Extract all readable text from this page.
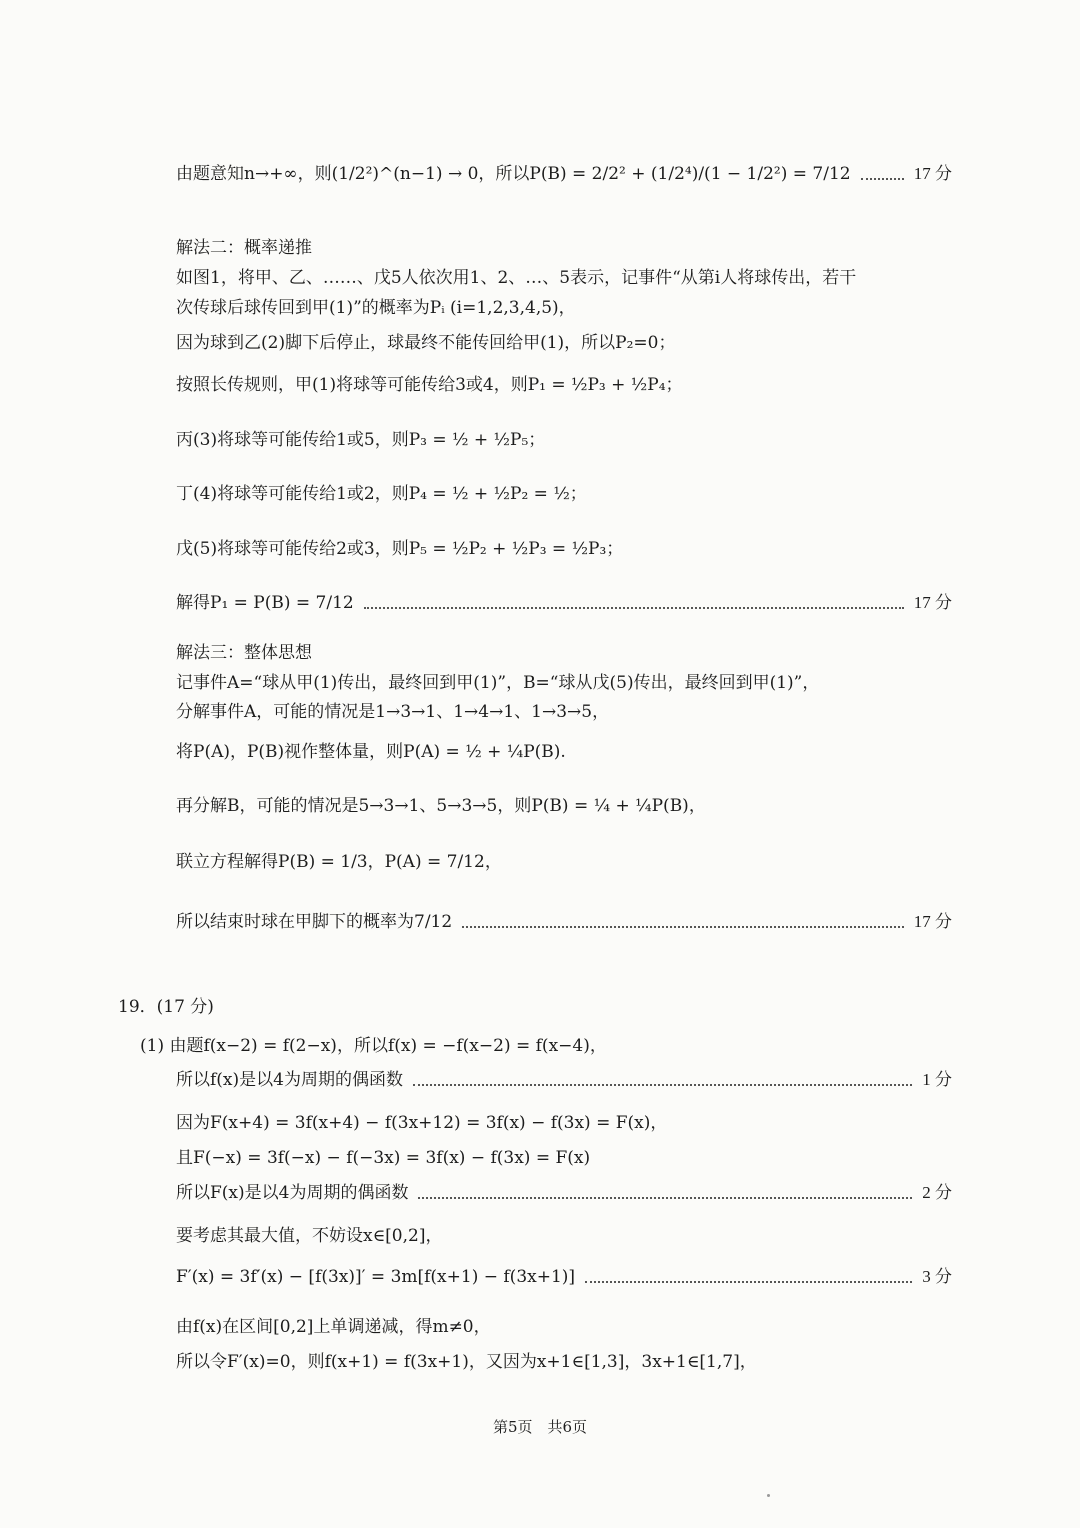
由题意知n→+∞，则(1/2²)^(n−1) → 0，所以P(B) = 2/2² + (1/2⁴)/(1 − 1/2²) = 7/12	17 分
解法二：概率递推
如图1，将甲、乙、……、戊5人依次用1、2、…、5表示，记事件“从第i人将球传出，若干
次传球后球传回到甲(1)”的概率为Pᵢ (i=1,2,3,4,5)，
因为球到乙(2)脚下后停止，球最终不能传回给甲(1)，所以P₂=0；
按照长传规则，甲(1)将球等可能传给3或4，则P₁ = ½P₃ + ½P₄；
丙(3)将球等可能传给1或5，则P₃ = ½ + ½P₅；
丁(4)将球等可能传给1或2，则P₄ = ½ + ½P₂ = ½；
戊(5)将球等可能传给2或3，则P₅ = ½P₂ + ½P₃ = ½P₃；
解得P₁ = P(B) = 7/12	17 分
解法三：整体思想
记事件A=“球从甲(1)传出，最终回到甲(1)”，B=“球从戊(5)传出，最终回到甲(1)”，
分解事件A，可能的情况是1→3→1、1→4→1、1→3→5，
将P(A)，P(B)视作整体量，则P(A) = ½ + ¼P(B).
再分解B，可能的情况是5→3→1、5→3→5，则P(B) = ¼ + ¼P(B)，
联立方程解得P(B) = 1/3，P(A) = 7/12，
所以结束时球在甲脚下的概率为7/12	17 分
19．(17 分)
(1) 由题f(x−2) = f(2−x)，所以f(x) = −f(x−2) = f(x−4)，
所以f(x)是以4为周期的偶函数	1 分
因为F(x+4) = 3f(x+4) − f(3x+12) = 3f(x) − f(3x) = F(x)，
且F(−x) = 3f(−x) − f(−3x) = 3f(x) − f(3x) = F(x)
所以F(x)是以4为周期的偶函数	2 分
要考虑其最大值，不妨设x∈[0,2]，
F′(x) = 3f′(x) − [f(3x)]′ = 3m[f(x+1) − f(3x+1)]	3 分
由f(x)在区间[0,2]上单调递减，得m≠0，
所以令F′(x)=0，则f(x+1) = f(3x+1)，又因为x+1∈[1,3]，3x+1∈[1,7]，
第5页　共6页
